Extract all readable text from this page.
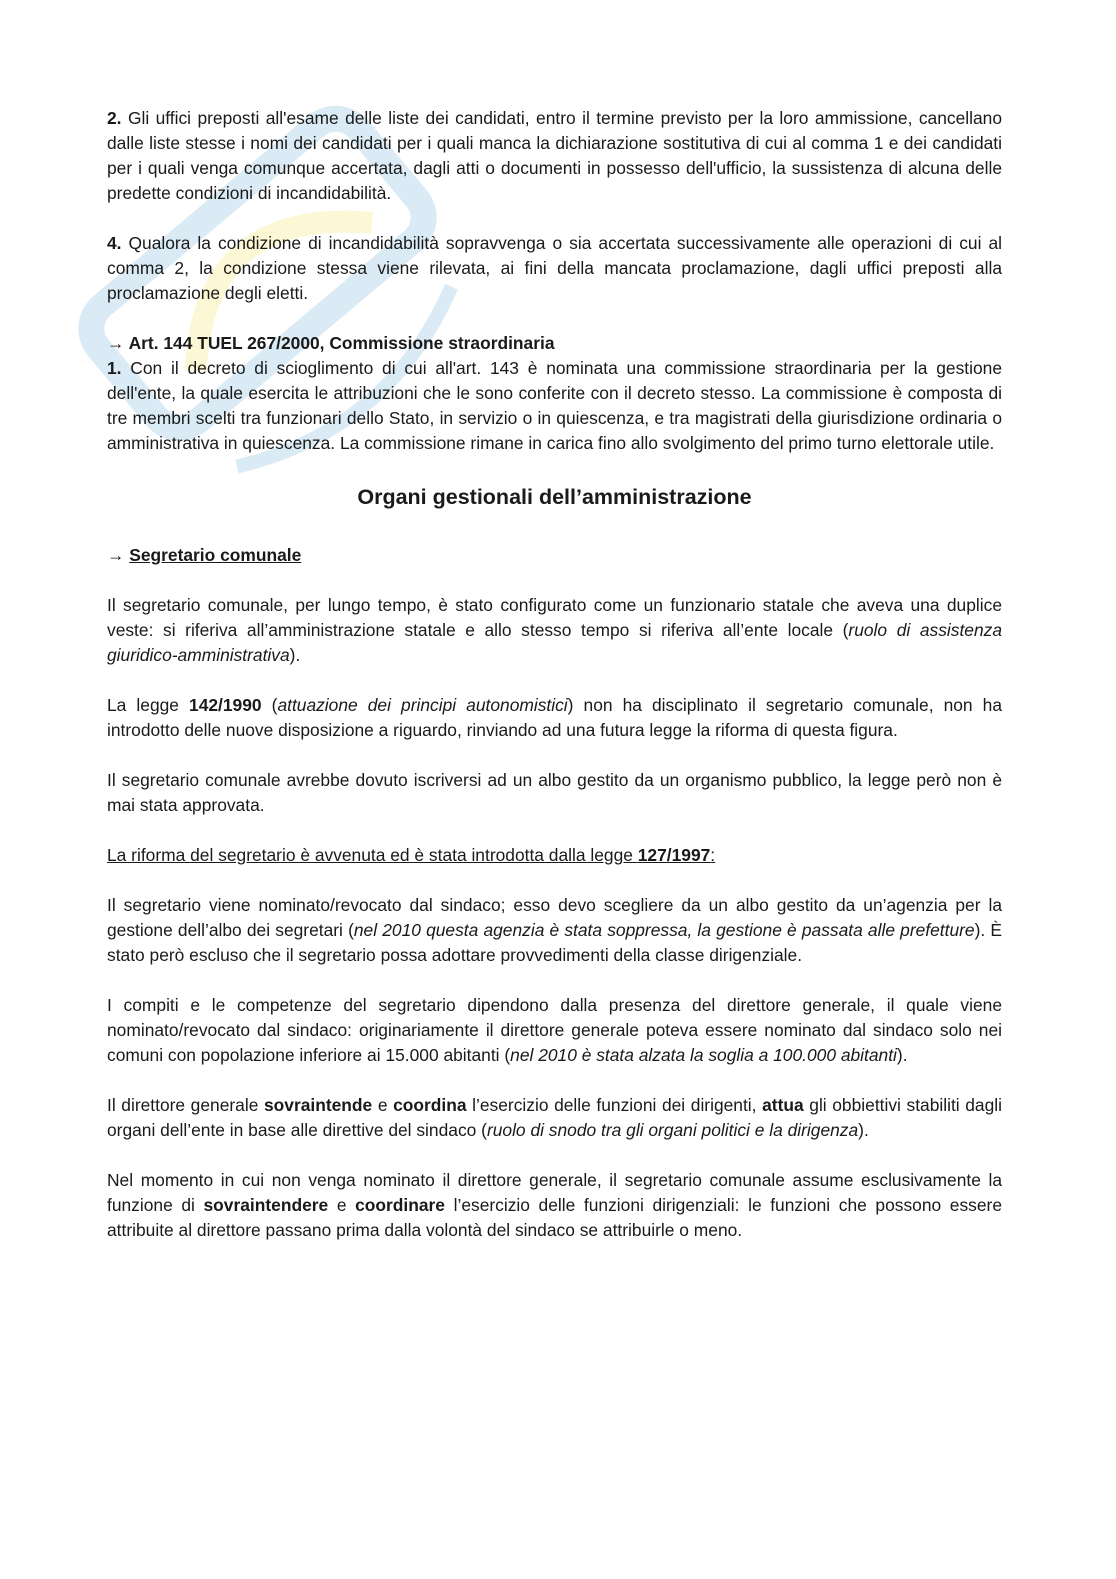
2. Gli uffici preposti all'esame delle liste dei candidati, entro il termine previsto per la loro ammissione, cancellano dalle liste stesse i nomi dei candidati per i quali manca la dichiarazione sostitutiva di cui al comma 1 e dei candidati per i quali venga comunque accertata, dagli atti o documenti in possesso dell'ufficio, la sussistenza di alcuna delle predette condizioni di incandidabilità.

4. Qualora la condizione di incandidabilità sopravvenga o sia accertata successivamente alle operazioni di cui al comma 2, la condizione stessa viene rilevata, ai fini della mancata proclamazione, dagli uffici preposti alla proclamazione degli eletti.

→ Art. 144 TUEL 267/2000, Commissione straordinaria

1. Con il decreto di scioglimento di cui all'art. 143 è nominata una commissione straordinaria per la gestione dell'ente, la quale esercita le attribuzioni che le sono conferite con il decreto stesso. La commissione è composta di tre membri scelti tra funzionari dello Stato, in servizio o in quiescenza, e tra magistrati della giurisdizione ordinaria o amministrativa in quiescenza. La commissione rimane in carica fino allo svolgimento del primo turno elettorale utile.

Organi gestionali dell’amministrazione

→ Segretario comunale

Il segretario comunale, per lungo tempo, è stato configurato come un funzionario statale che aveva una duplice veste: si riferiva all’amministrazione statale e allo stesso tempo si riferiva all’ente locale (ruolo di assistenza giuridico-amministrativa).

La legge 142/1990 (attuazione dei principi autonomistici) non ha disciplinato il segretario comunale, non ha introdotto delle nuove disposizione a riguardo, rinviando ad una futura legge la riforma di questa figura.

Il segretario comunale avrebbe dovuto iscriversi ad un albo gestito da un organismo pubblico, la legge però non è mai stata approvata.

La riforma del segretario è avvenuta ed è stata introdotta dalla legge 127/1997:

Il segretario viene nominato/revocato dal sindaco; esso devo scegliere da un albo gestito da un’agenzia per la gestione dell’albo dei segretari (nel 2010 questa agenzia è stata soppressa, la gestione è passata alle prefetture). È stato però escluso che il segretario possa adottare provvedimenti della classe dirigenziale.

I compiti e le competenze del segretario dipendono dalla presenza del direttore generale, il quale viene nominato/revocato dal sindaco: originariamente il direttore generale poteva essere nominato dal sindaco solo nei comuni con popolazione inferiore ai 15.000 abitanti (nel 2010 è stata alzata la soglia a 100.000 abitanti).

Il direttore generale sovraintende e coordina l’esercizio delle funzioni dei dirigenti, attua gli obbiettivi stabiliti dagli organi dell’ente in base alle direttive del sindaco (ruolo di snodo tra gli organi politici e la dirigenza).

Nel momento in cui non venga nominato il direttore generale, il segretario comunale assume esclusivamente la funzione di sovraintendere e coordinare l’esercizio delle funzioni dirigenziali: le funzioni che possono essere attribuite al direttore passano prima dalla volontà del sindaco se attribuirle o meno.
